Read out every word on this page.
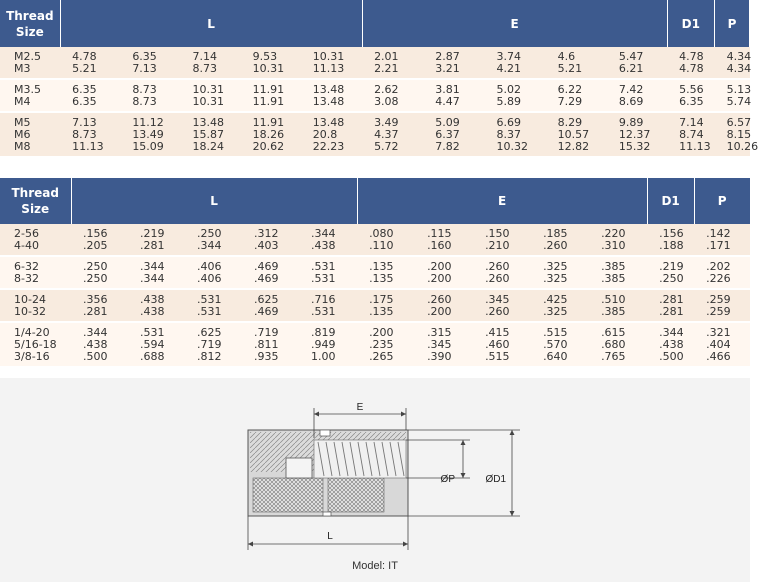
Thread Size	L					E					D1	P
M2.5	4.78	6.35	7.14	9.53	10.31	2.01	2.87	3.74	4.6	5.47	4.78	4.34
M3	5.21	7.13	8.73	10.31	11.13	2.21	3.21	4.21	5.21	6.21	4.78	4.34
M3.5	6.35	8.73	10.31	11.91	13.48	2.62	3.81	5.02	6.22	7.42	5.56	5.13
M4	6.35	8.73	10.31	11.91	13.48	3.08	4.47	5.89	7.29	8.69	6.35	5.74
M5	7.13	11.12	13.48	11.91	13.48	3.49	5.09	6.69	8.29	9.89	7.14	6.57
M6	8.73	13.49	15.87	18.26	20.8	4.37	6.37	8.37	10.57	12.37	8.74	8.15
M8	11.13	15.09	18.24	20.62	22.23	5.72	7.82	10.32	12.82	15.32	11.13	10.26
Thread Size	L					E					D1	P
2-56	.156	.219	.250	.312	.344	.080	.115	.150	.185	.220	.156	.142
4-40	.205	.281	.344	.403	.438	.110	.160	.210	.260	.310	.188	.171
6-32	.250	.344	.406	.469	.531	.135	.200	.260	.325	.385	.219	.202
8-32	.250	.344	.406	.469	.531	.135	.200	.260	.325	.385	.250	.226
10-24	.356	.438	.531	.625	.716	.175	.260	.345	.425	.510	.281	.259
10-32	.281	.438	.531	.469	.531	.135	.200	.260	.325	.385	.281	.259
1/4-20	.344	.531	.625	.719	.819	.200	.315	.415	.515	.615	.344	.321
5/16-18	.438	.594	.719	.811	.949	.235	.345	.460	.570	.680	.438	.404
3/8-16	.500	.688	.812	.935	1.00	.265	.390	.515	.640	.765	.500	.466
E
ØP	ØD1
L
Model: IT
